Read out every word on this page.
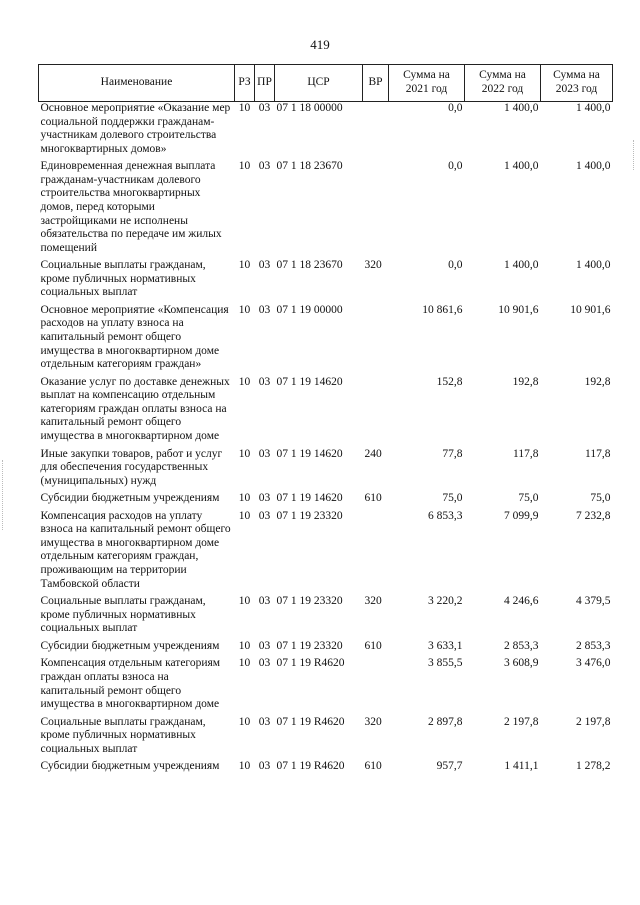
419
Наименование	РЗ	ПР	ЦСР	ВР	Сумма на 2021 год	Сумма на 2022 год	Сумма на 2023 год
Основное мероприятие «Оказание мер социальной поддержки гражданам-участникам долевого строительства многоквартирных домов»	10	03	07 1 18 00000		0,0	1 400,0	1 400,0
Единовременная денежная выплата гражданам-участникам долевого строительства многоквартирных домов, перед которыми застройщиками не исполнены обязательства по передаче им жилых помещений	10	03	07 1 18 23670		0,0	1 400,0	1 400,0
Социальные выплаты гражданам, кроме публичных нормативных социальных выплат	10	03	07 1 18 23670	320	0,0	1 400,0	1 400,0
Основное мероприятие «Компенсация расходов на уплату взноса на капитальный ремонт общего имущества в многоквартирном доме отдельным категориям граждан»	10	03	07 1 19 00000		10 861,6	10 901,6	10 901,6
Оказание услуг по доставке денежных выплат на компенсацию отдельным категориям граждан оплаты взноса на капитальный ремонт общего имущества в многоквартирном доме	10	03	07 1 19 14620		152,8	192,8	192,8
Иные закупки товаров, работ и услуг для обеспечения государственных (муниципальных) нужд	10	03	07 1 19 14620	240	77,8	117,8	117,8
Субсидии бюджетным учреждениям	10	03	07 1 19 14620	610	75,0	75,0	75,0
Компенсация расходов на уплату взноса на капитальный ремонт общего имущества в многоквартирном доме отдельным категориям граждан, проживающим на территории Тамбовской области	10	03	07 1 19 23320		6 853,3	7 099,9	7 232,8
Социальные выплаты гражданам, кроме публичных нормативных социальных выплат	10	03	07 1 19 23320	320	3 220,2	4 246,6	4 379,5
Субсидии бюджетным учреждениям	10	03	07 1 19 23320	610	3 633,1	2 853,3	2 853,3
Компенсация отдельным категориям граждан оплаты взноса на капитальный ремонт общего имущества в многоквартирном доме	10	03	07 1 19 R4620		3 855,5	3 608,9	3 476,0
Социальные выплаты гражданам, кроме публичных нормативных социальных выплат	10	03	07 1 19 R4620	320	2 897,8	2 197,8	2 197,8
Субсидии бюджетным учреждениям	10	03	07 1 19 R4620	610	957,7	1 411,1	1 278,2
